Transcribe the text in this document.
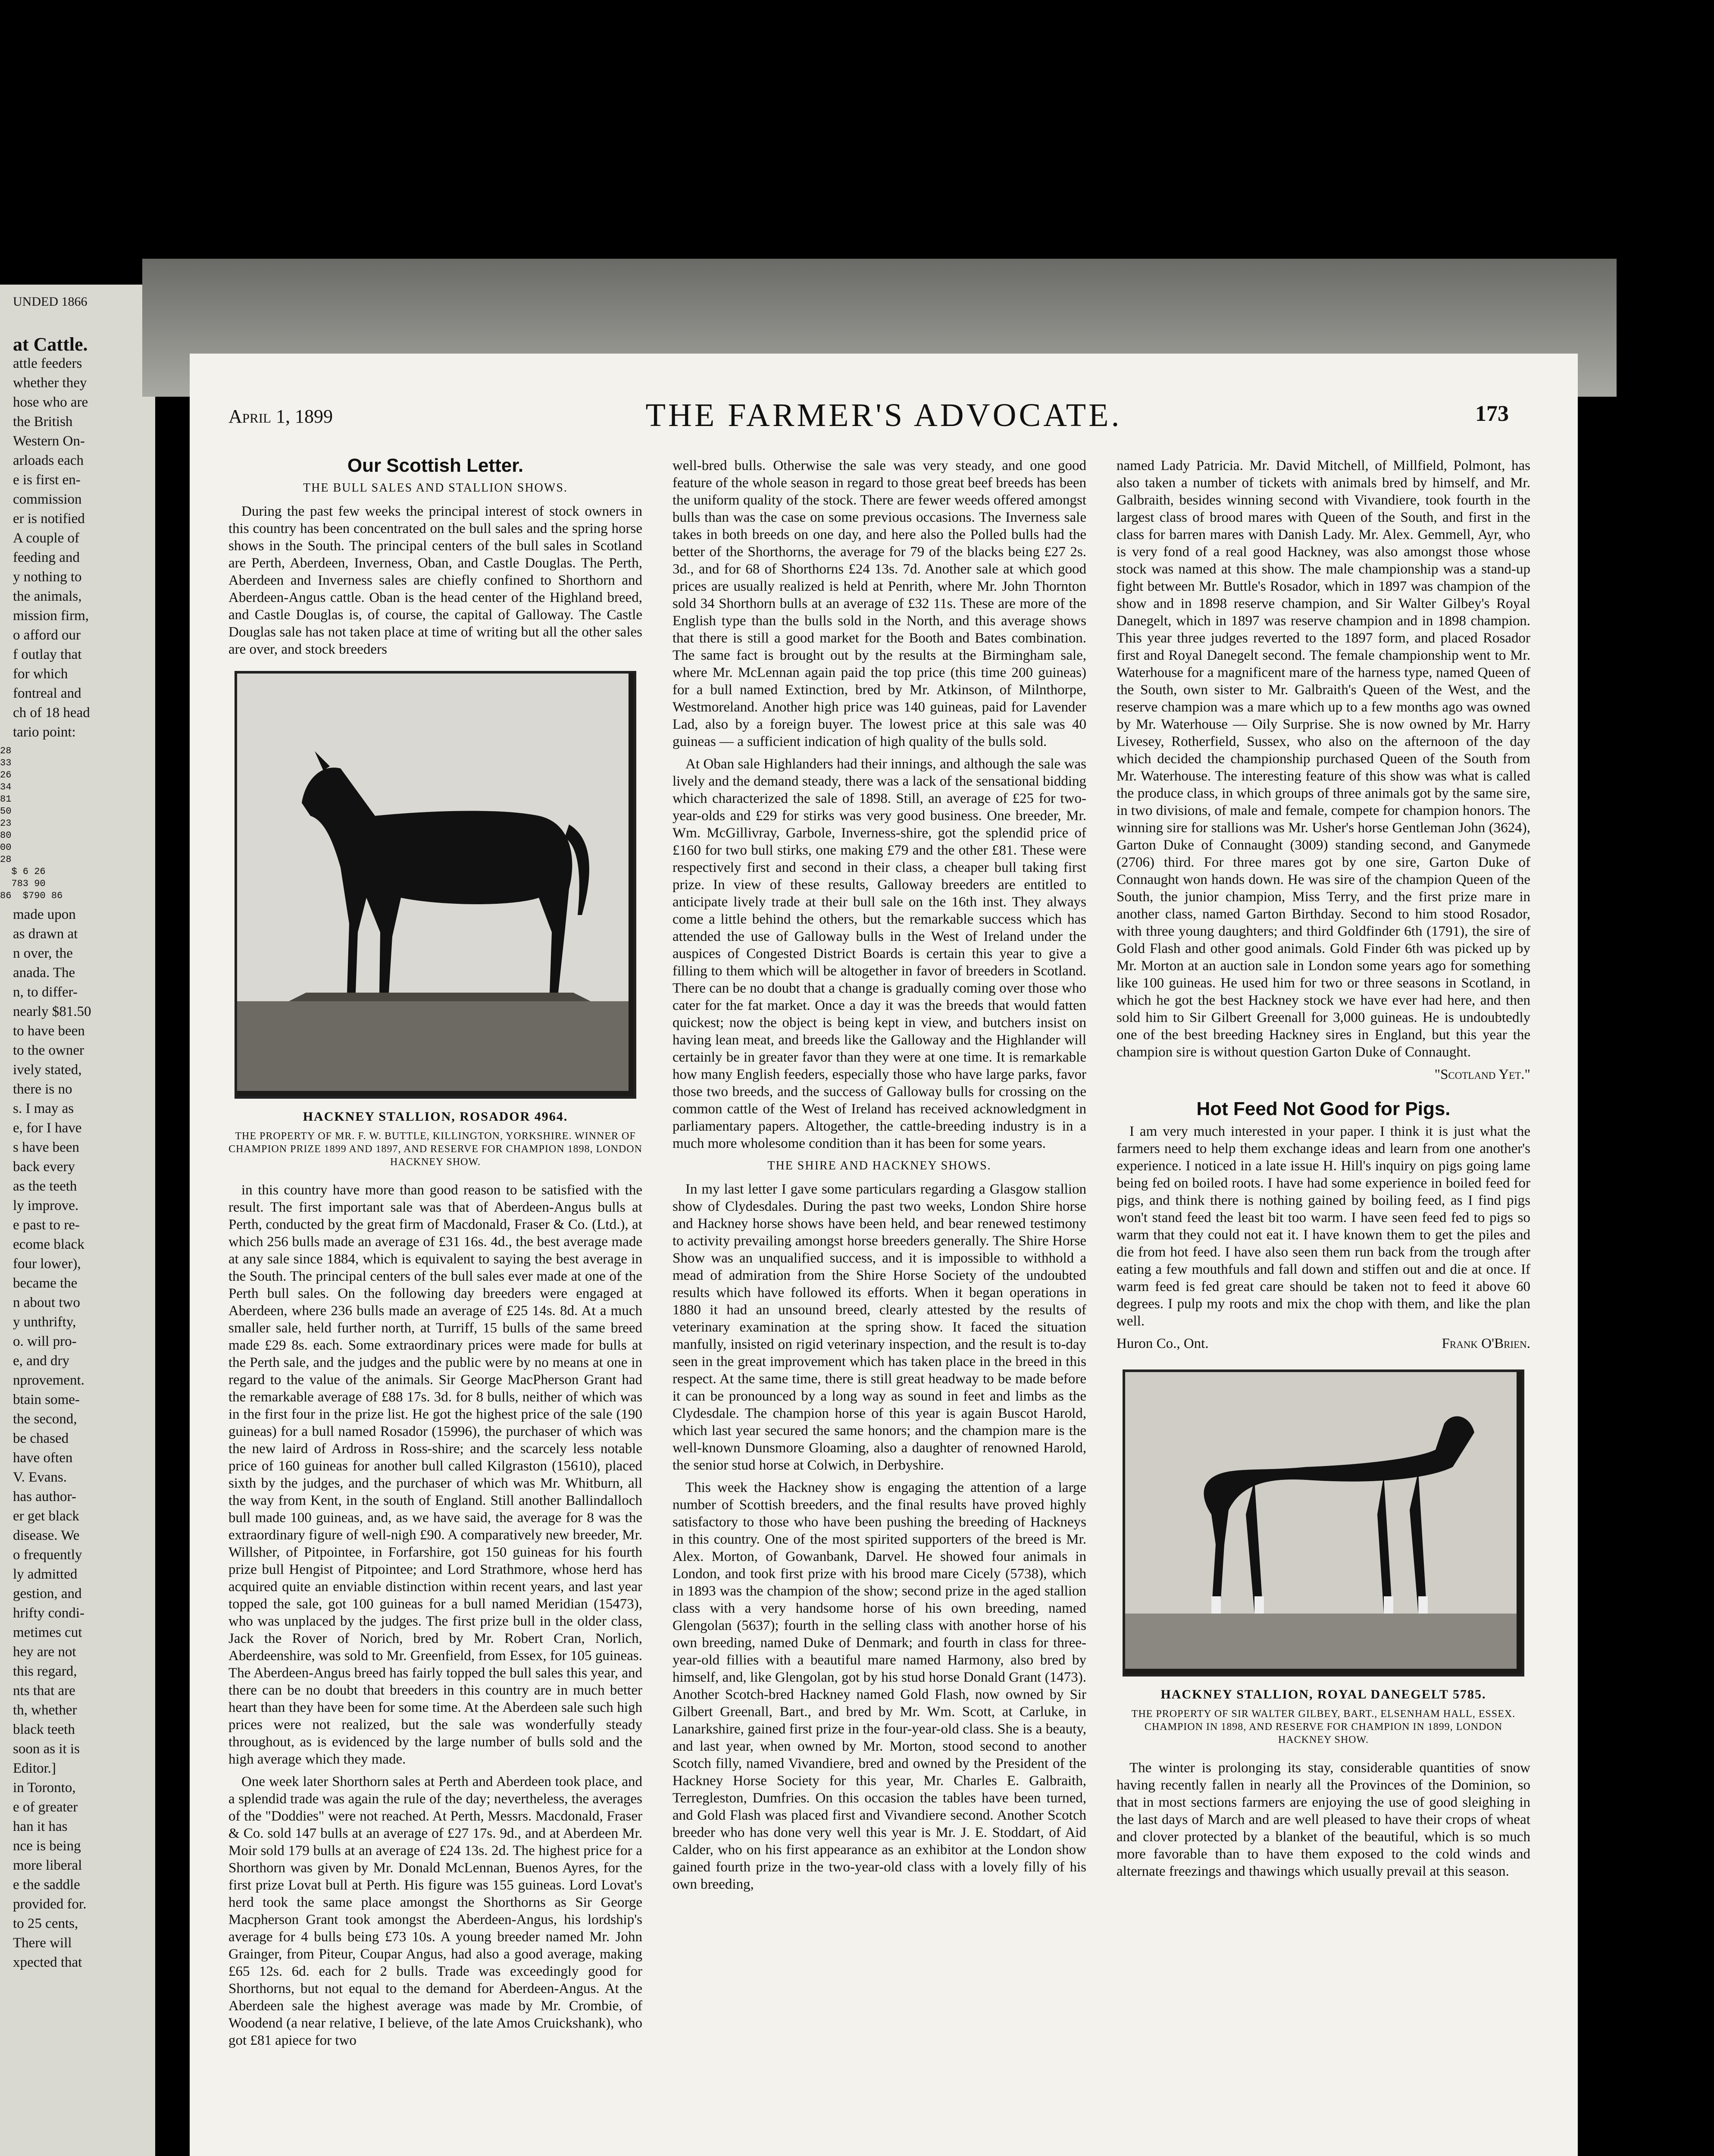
UNDED 1866

at Cattle.

attle feeders

whether they

hose who are

the British

Western On-

arloads each

e is first en-

commission

er is notified

A couple of

feeding and

y nothing to

the animals,

mission firm,

o afford our

f outlay that

for which

fontreal and

ch of 18 head

tario point:

28
33
26
34
81
50
23
80
00
28
$ 6 26
783 90
86  $790 86

made upon

as drawn at

n over, the

anada. The

n, to differ-

nearly $81.50

to have been

to the owner

ively stated,

there is no

s. I may as

e, for I have

s have been

back every

as the teeth

ly improve.

e past to re-

ecome black

four lower),

became the

n about two

y unthrifty,

o. will pro-

e, and dry

nprovement.

btain some-

the second,

be chased

have often

V. Evans.

has author-

er get black

disease. We

o frequently

ly admitted

gestion, and

hrifty condi-

metimes cut

hey are not

this regard,

nts that are

th, whether

black teeth

soon as it is

Editor.]

in Toronto,

e of greater

han it has

nce is being

more liberal

e the saddle

provided for.

to 25 cents,

There will

xpected that

THE FARMER'S ADVOCATE.
April 1, 1899	173
Our Scottish Letter.
THE BULL SALES AND STALLION SHOWS.

During the past few weeks the principal interest of stock owners in this country has been concentrated on the bull sales and the spring horse shows in the South. The principal centers of the bull sales in Scotland are Perth, Aberdeen, Inverness, Oban, and Castle Douglas. The Perth, Aberdeen and Inverness sales are chiefly confined to Shorthorn and Aberdeen-Angus cattle. Oban is the head center of the Highland breed, and Castle Douglas is, of course, the capital of Galloway. The Castle Douglas sale has not taken place at time of writing but all the other sales are over, and stock breeders

HACKNEY STALLION, ROSADOR 4964.
THE PROPERTY OF MR. F. W. BUTTLE, KILLINGTON, YORKSHIRE. WINNER OF CHAMPION PRIZE 1899 AND 1897, AND RESERVE FOR CHAMPION 1898, LONDON HACKNEY SHOW.

in this country have more than good reason to be satisfied with the result. The first important sale was that of Aberdeen-Angus bulls at Perth, conducted by the great firm of Macdonald, Fraser & Co. (Ltd.), at which 256 bulls made an average of £31 16s. 4d., the best average made at any sale since 1884, which is equivalent to saying the best average in the South. The principal centers of the bull sales ever made at one of the Perth bull sales. On the following day breeders were engaged at Aberdeen, where 236 bulls made an average of £25 14s. 8d. At a much smaller sale, held further north, at Turriff, 15 bulls of the same breed made £29 8s. each. Some extraordinary prices were made for bulls at the Perth sale, and the judges and the public were by no means at one in regard to the value of the animals. Sir George MacPherson Grant had the remarkable average of £88 17s. 3d. for 8 bulls, neither of which was in the first four in the prize list. He got the highest price of the sale (190 guineas) for a bull named Rosador (15996), the purchaser of which was the new laird of Ardross in Ross-shire; and the scarcely less notable price of 160 guineas for another bull called Kilgraston (15610), placed sixth by the judges, and the purchaser of which was Mr. Whitburn, all the way from Kent, in the south of England. Still another Ballindalloch bull made 100 guineas, and, as we have said, the average for 8 was the extraordinary figure of well-nigh £90. A comparatively new breeder, Mr. Willsher, of Pitpointee, in Forfarshire, got 150 guineas for his fourth prize bull Hengist of Pitpointee; and Lord Strathmore, whose herd has acquired quite an enviable distinction within recent years, and last year topped the sale, got 100 guineas for a bull named Meridian (15473), who was unplaced by the judges. The first prize bull in the older class, Jack the Rover of Norich, bred by Mr. Robert Cran, Norlich, Aberdeenshire, was sold to Mr. Greenfield, from Essex, for 105 guineas. The Aberdeen-Angus breed has fairly topped the bull sales this year, and there can be no doubt that breeders in this country are in much better heart than they have been for some time. At the Aberdeen sale such high prices were not realized, but the sale was wonderfully steady throughout, as is evidenced by the large number of bulls sold and the high average which they made.

One week later Shorthorn sales at Perth and Aberdeen took place, and a splendid trade was again the rule of the day; nevertheless, the averages of the "Doddies" were not reached. At Perth, Messrs. Macdonald, Fraser & Co. sold 147 bulls at an average of £27 17s. 9d., and at Aberdeen Mr. Moir sold 179 bulls at an average of £24 13s. 2d. The highest price for a Shorthorn was given by Mr. Donald McLennan, Buenos Ayres, for the first prize Lovat bull at Perth. His figure was 155 guineas. Lord Lovat's herd took the same place amongst the Shorthorns as Sir George Macpherson Grant took amongst the Aberdeen-Angus, his lordship's average for 4 bulls being £73 10s. A young breeder named Mr. John Grainger, from Piteur, Coupar Angus, had also a good average, making £65 12s. 6d. each for 2 bulls. Trade was exceedingly good for Shorthorns, but not equal to the demand for Aberdeen-Angus. At the Aberdeen sale the highest average was made by Mr. Crombie, of Woodend (a near relative, I believe, of the late Amos Cruickshank), who got £81 apiece for two

well-bred bulls. Otherwise the sale was very steady, and one good feature of the whole season in regard to those great beef breeds has been the uniform quality of the stock. There are fewer weeds offered amongst bulls than was the case on some previous occasions. The Inverness sale takes in both breeds on one day, and here also the Polled bulls had the better of the Shorthorns, the average for 79 of the blacks being £27 2s. 3d., and for 68 of Shorthorns £24 13s. 7d. Another sale at which good prices are usually realized is held at Penrith, where Mr. John Thornton sold 34 Shorthorn bulls at an average of £32 11s. These are more of the English type than the bulls sold in the North, and this average shows that there is still a good market for the Booth and Bates combination. The same fact is brought out by the results at the Birmingham sale, where Mr. McLennan again paid the top price (this time 200 guineas) for a bull named Extinction, bred by Mr. Atkinson, of Milnthorpe, Westmoreland. Another high price was 140 guineas, paid for Lavender Lad, also by a foreign buyer. The lowest price at this sale was 40 guineas — a sufficient indication of high quality of the bulls sold.

At Oban sale Highlanders had their innings, and although the sale was lively and the demand steady, there was a lack of the sensational bidding which characterized the sale of 1898. Still, an average of £25 for two-year-olds and £29 for stirks was very good business. One breeder, Mr. Wm. McGillivray, Garbole, Inverness-shire, got the splendid price of £160 for two bull stirks, one making £79 and the other £81. These were respectively first and second in their class, a cheaper bull taking first prize. In view of these results, Galloway breeders are entitled to anticipate lively trade at their bull sale on the 16th inst. They always come a little behind the others, but the remarkable success which has attended the use of Galloway bulls in the West of Ireland under the auspices of Congested District Boards is certain this year to give a filling to them which will be altogether in favor of breeders in Scotland. There can be no doubt that a change is gradually coming over those who cater for the fat market. Once a day it was the breeds that would fatten quickest; now the object is being kept in view, and butchers insist on having lean meat, and breeds like the Galloway and the Highlander will certainly be in greater favor than they were at one time. It is remarkable how many English feeders, especially those who have large parks, favor those two breeds, and the success of Galloway bulls for crossing on the common cattle of the West of Ireland has received acknowledgment in parliamentary papers. Altogether, the cattle-breeding industry is in a much more wholesome condition than it has been for some years.

THE SHIRE AND HACKNEY SHOWS.

In my last letter I gave some particulars regarding a Glasgow stallion show of Clydesdales. During the past two weeks, London Shire horse and Hackney horse shows have been held, and bear renewed testimony to activity prevailing amongst horse breeders generally. The Shire Horse Show was an unqualified success, and it is impossible to withhold a mead of admiration from the Shire Horse Society of the undoubted results which have followed its efforts. When it began operations in 1880 it had an unsound breed, clearly attested by the results of veterinary examination at the spring show. It faced the situation manfully, insisted on rigid veterinary inspection, and the result is to-day seen in the great improvement which has taken place in the breed in this respect. At the same time, there is still great headway to be made before it can be pronounced by a long way as sound in feet and limbs as the Clydesdale. The champion horse of this year is again Buscot Harold, which last year secured the same honors; and the champion mare is the well-known Dunsmore Gloaming, also a daughter of renowned Harold, the senior stud horse at Colwich, in Derbyshire.

This week the Hackney show is engaging the attention of a large number of Scottish breeders, and the final results have proved highly satisfactory to those who have been pushing the breeding of Hackneys in this country. One of the most spirited supporters of the breed is Mr. Alex. Morton, of Gowanbank, Darvel. He showed four animals in London, and took first prize with his brood mare Cicely (5738), which in 1893 was the champion of the show; second prize in the aged stallion class with a very handsome horse of his own breeding, named Glengolan (5637); fourth in the selling class with another horse of his own breeding, named Duke of Denmark; and fourth in class for three-year-old fillies with a beautiful mare named Harmony, also bred by himself, and, like Glengolan, got by his stud horse Donald Grant (1473). Another Scotch-bred Hackney named Gold Flash, now owned by Sir Gilbert Greenall, Bart., and bred by Mr. Wm. Scott, at Carluke, in Lanarkshire, gained first prize in the four-year-old class. She is a beauty, and last year, when owned by Mr. Morton, stood second to another Scotch filly, named Vivandiere, bred and owned by the President of the Hackney Horse Society for this year, Mr. Charles E. Galbraith, Terregleston, Dumfries. On this occasion the tables have been turned, and Gold Flash was placed first and Vivandiere second. Another Scotch breeder who has done very well this year is Mr. J. E. Stoddart, of Aid Calder, who on his first appearance as an exhibitor at the London show gained fourth prize in the two-year-old class with a lovely filly of his own breeding,

named Lady Patricia. Mr. David Mitchell, of Millfield, Polmont, has also taken a number of tickets with animals bred by himself, and Mr. Galbraith, besides winning second with Vivandiere, took fourth in the largest class of brood mares with Queen of the South, and first in the class for barren mares with Danish Lady. Mr. Alex. Gemmell, Ayr, who is very fond of a real good Hackney, was also amongst those whose stock was named at this show. The male championship was a stand-up fight between Mr. Buttle's Rosador, which in 1897 was champion of the show and in 1898 reserve champion, and Sir Walter Gilbey's Royal Danegelt, which in 1897 was reserve champion and in 1898 champion. This year three judges reverted to the 1897 form, and placed Rosador first and Royal Danegelt second. The female championship went to Mr. Waterhouse for a magnificent mare of the harness type, named Queen of the South, own sister to Mr. Galbraith's Queen of the West, and the reserve champion was a mare which up to a few months ago was owned by Mr. Waterhouse — Oily Surprise. She is now owned by Mr. Harry Livesey, Rotherfield, Sussex, who also on the afternoon of the day which decided the championship purchased Queen of the South from Mr. Waterhouse. The interesting feature of this show was what is called the produce class, in which groups of three animals got by the same sire, in two divisions, of male and female, compete for champion honors. The winning sire for stallions was Mr. Usher's horse Gentleman John (3624), Garton Duke of Connaught (3009) standing second, and Ganymede (2706) third. For three mares got by one sire, Garton Duke of Connaught won hands down. He was sire of the champion Queen of the South, the junior champion, Miss Terry, and the first prize mare in another class, named Garton Birthday. Second to him stood Rosador, with three young daughters; and third Goldfinder 6th (1791), the sire of Gold Flash and other good animals. Gold Finder 6th was picked up by Mr. Morton at an auction sale in London some years ago for something like 100 guineas. He used him for two or three seasons in Scotland, in which he got the best Hackney stock we have ever had here, and then sold him to Sir Gilbert Greenall for 3,000 guineas. He is undoubtedly one of the best breeding Hackney sires in England, but this year the champion sire is without question Garton Duke of Connaught.

"Scotland Yet."

Hot Feed Not Good for Pigs.

I am very much interested in your paper. I think it is just what the farmers need to help them exchange ideas and learn from one another's experience. I noticed in a late issue H. Hill's inquiry on pigs going lame being fed on boiled roots. I have had some experience in boiled feed for pigs, and think there is nothing gained by boiling feed, as I find pigs won't stand feed the least bit too warm. I have seen feed fed to pigs so warm that they could not eat it. I have known them to get the piles and die from hot feed. I have also seen them run back from the trough after eating a few mouthfuls and fall down and stiffen out and die at once. If warm feed is fed great care should be taken not to feed it above 60 degrees. I pulp my roots and mix the chop with them, and like the plan well.

Huron Co., Ont.	Frank O'Brien.
HACKNEY STALLION, ROYAL DANEGELT 5785.
THE PROPERTY OF SIR WALTER GILBEY, BART., ELSENHAM HALL, ESSEX. CHAMPION IN 1898, AND RESERVE FOR CHAMPION IN 1899, LONDON HACKNEY SHOW.

The winter is prolonging its stay, considerable quantities of snow having recently fallen in nearly all the Provinces of the Dominion, so that in most sections farmers are enjoying the use of good sleighing in the last days of March and are well pleased to have their crops of wheat and clover protected by a blanket of the beautiful, which is so much more favorable than to have them exposed to the cold winds and alternate freezings and thawings which usually prevail at this season.
